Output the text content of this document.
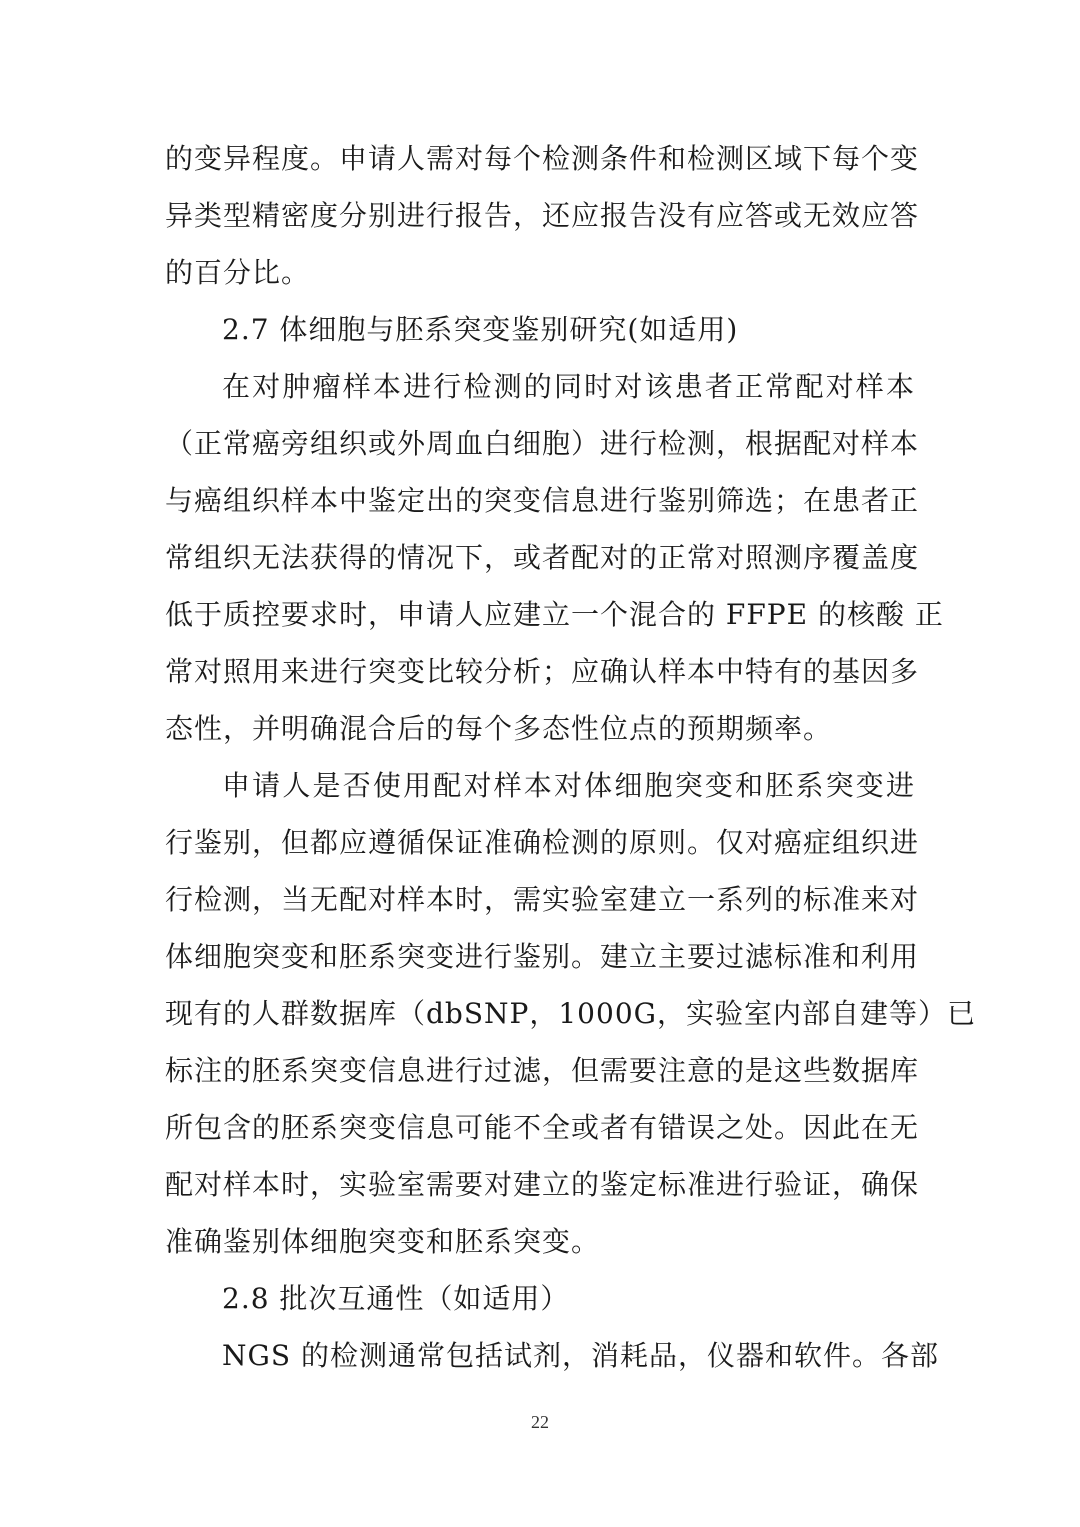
的变异程度。申请人需对每个检测条件和检测区域下每个变
异类型精密度分别进行报告，还应报告没有应答或无效应答
的百分比。
2.7 体细胞与胚系突变鉴别研究(如适用)
在对肿瘤样本进行检测的同时对该患者正常配对样本
（正常癌旁组织或外周血白细胞）进行检测，根据配对样本
与癌组织样本中鉴定出的突变信息进行鉴别筛选；在患者正
常组织无法获得的情况下，或者配对的正常对照测序覆盖度
低于质控要求时，申请人应建立一个混合的 FFPE 的核酸 正
常对照用来进行突变比较分析；应确认样本中特有的基因多
态性，并明确混合后的每个多态性位点的预期频率。
申请人是否使用配对样本对体细胞突变和胚系突变进
行鉴别，但都应遵循保证准确检测的原则。仅对癌症组织进
行检测，当无配对样本时，需实验室建立一系列的标准来对
体细胞突变和胚系突变进行鉴别。建立主要过滤标准和利用
现有的人群数据库（dbSNP，1000G，实验室内部自建等）已
标注的胚系突变信息进行过滤，但需要注意的是这些数据库
所包含的胚系突变信息可能不全或者有错误之处。因此在无
配对样本时，实验室需要对建立的鉴定标准进行验证，确保
准确鉴别体细胞突变和胚系突变。
2.8 批次互通性（如适用）
NGS 的检测通常包括试剂，消耗品，仪器和软件。各部
22
